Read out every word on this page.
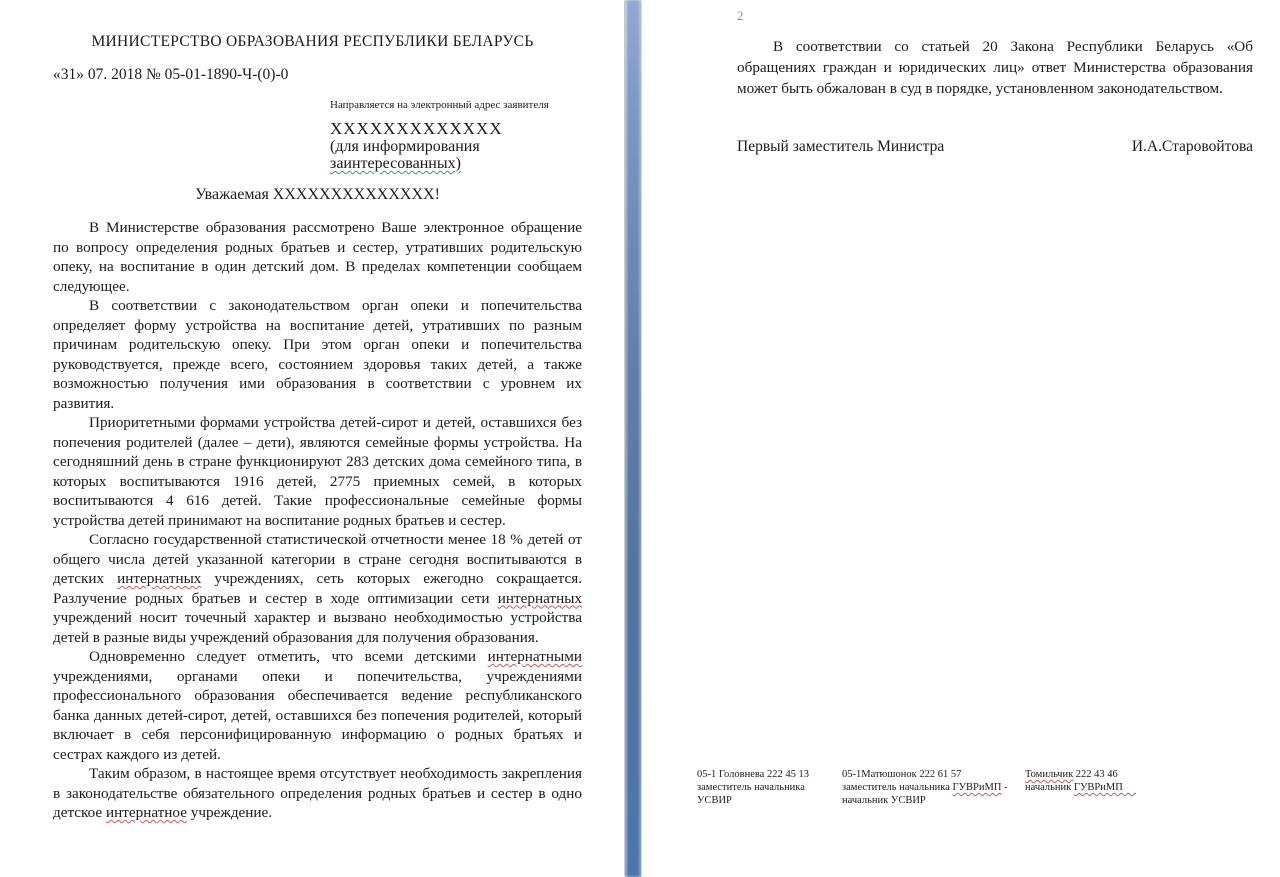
МИНИСТЕРСТВО ОБРАЗОВАНИЯ РЕСПУБЛИКИ БЕЛАРУСЬ
«31» 07. 2018 № 05-01-1890-Ч-(0)-0
Направляется на электронный адрес заявителя
ХХХХХХХХХХХХХ
(для информирования
заинтересованных)
Уважаемая ХХХХХХХХХХХХХХ!

В Министерстве образования рассмотрено Ваше электронное обращение по вопросу определения родных братьев и сестер, утративших родительскую опеку, на воспитание в один детский дом. В пределах компетенции сообщаем следующее.

В соответствии с законодательством орган опеки и попечительства определяет форму устройства на воспитание детей, утративших по разным причинам родительскую опеку. При этом орган опеки и попечительства руководствуется, прежде всего, состоянием здоровья таких детей, а также возможностью получения ими образования в соответствии с уровнем их развития.

Приоритетными формами устройства детей-сирот и детей, оставшихся без попечения родителей (далее – дети), являются семейные формы устройства. На сегодняшний день в стране функционируют 283 детских дома семейного типа, в которых воспитываются 1916 детей, 2775 приемных семей, в которых воспитываются 4 616 детей. Такие профессиональные семейные формы устройства детей принимают на воспитание родных братьев и сестер.

Согласно государственной статистической отчетности менее 18 % детей от общего числа детей указанной категории в стране сегодня воспитываются в детских интернатных учреждениях, сеть которых ежегодно сокращается. Разлучение родных братьев и сестер в ходе оптимизации сети интернатных учреждений носит точечный характер и вызвано необходимостью устройства детей в разные виды учреждений образования для получения образования.

Одновременно следует отметить, что всеми детскими интернатными учреждениями, органами опеки и попечительства, учреждениями профессионального образования обеспечивается ведение республиканского банка данных детей-сирот, детей, оставшихся без попечения родителей, который включает в себя персонифицированную информацию о родных братьях и сестрах каждого из детей.

Таким образом, в настоящее время отсутствует необходимость закрепления в законодательстве обязательного определения родных братьев и сестер в одно детское интернатное учреждение.

2

В соответствии со статьей 20 Закона Республики Беларусь «Об обращениях граждан и юридических лиц» ответ Министерства образования может быть обжалован в суд в порядке, установленном законодательством.

Первый заместитель Министра	И.А.Старовойтова
05-1 Головнева 222 45 13
заместитель начальника
УСВИР
05-1Матюшонок 222 61 57
заместитель начальника ГУВРиМП -
начальник УСВИР
Томильчик 222 43 46
начальник ГУВРиМП
